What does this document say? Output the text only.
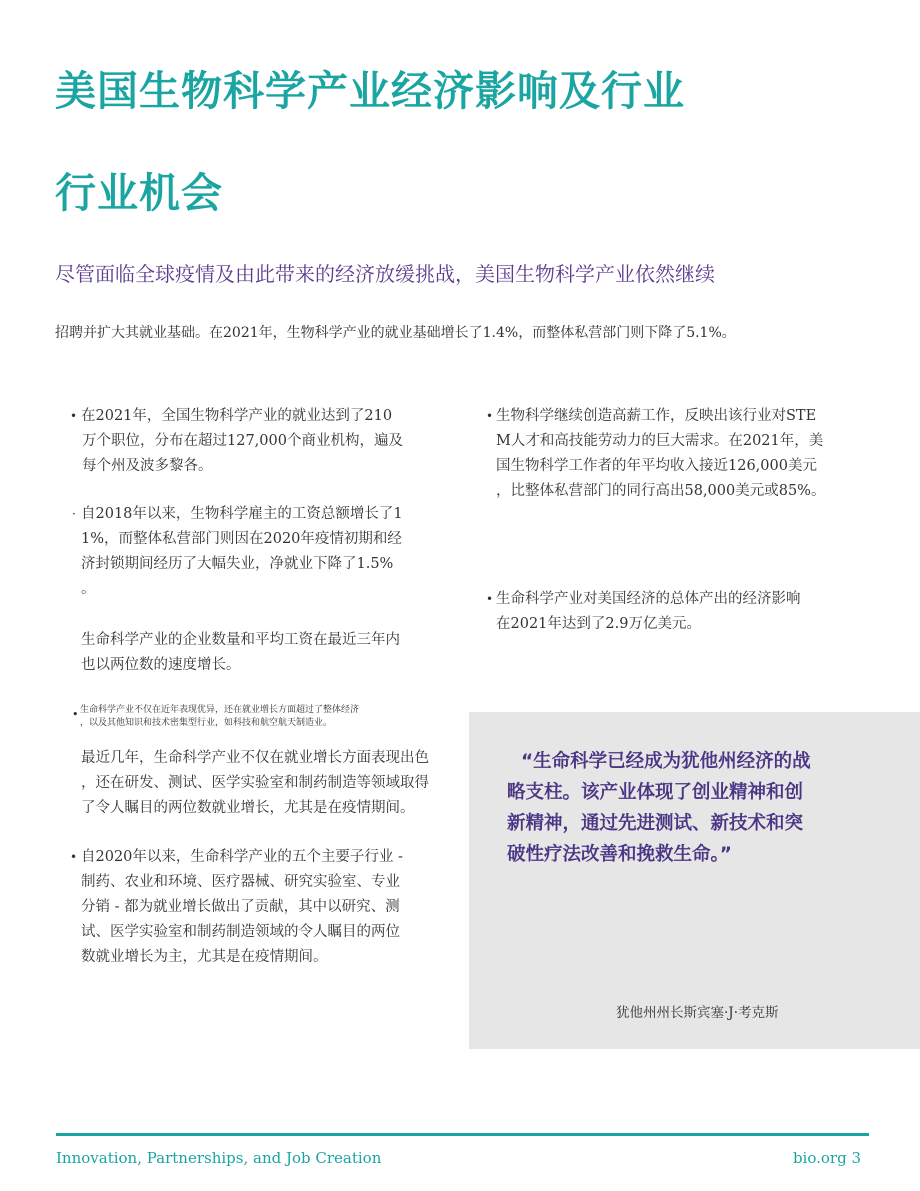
美国生物科学产业经济影响及行业
行业机会
尽管面临全球疫情及由此带来的经济放缓挑战，美国生物科学产业依然继续
招聘并扩大其就业基础。在2021年，生物科学产业的就业基础增长了1.4%，而整体私营部门则下降了5.1%。
• 在2021年，全国生物科学产业的就业达到了210
万个职位，分布在超过127,000个商业机构，遍及
每个州及波多黎各。
· 自2018年以来，生物科学雇主的工资总额增长了1
1%，而整体私营部门则因在2020年疫情初期和经
济封锁期间经历了大幅失业，净就业下降了1.5%
。
生命科学产业的企业数量和平均工资在最近三年内
也以两位数的速度增长。
• 生命科学产业不仅在近年表现优异，还在就业增长方面超过了整体经济
，以及其他知识和技术密集型行业，如科技和航空航天制造业。
最近几年，生命科学产业不仅在就业增长方面表现出色
，还在研发、测试、医学实验室和制药制造等领域取得
了令人瞩目的两位数就业增长，尤其是在疫情期间。
• 自2020年以来，生命科学产业的五个主要子行业 -
制药、农业和环境、医疗器械、研究实验室、专业
分销 - 都为就业增长做出了贡献，其中以研究、测
试、医学实验室和制药制造领域的令人瞩目的两位
数就业增长为主，尤其是在疫情期间。
• 生物科学继续创造高薪工作，反映出该行业对STE
M人才和高技能劳动力的巨大需求。在2021年，美
国生物科学工作者的年平均收入接近126,000美元
，比整体私营部门的同行高出58,000美元或85%。
• 生命科学产业对美国经济的总体产出的经济影响
在2021年达到了2.9万亿美元。
“生命科学已经成为犹他州经济的战
略支柱。该产业体现了创业精神和创
新精神，通过先进测试、新技术和突
破性疗法改善和挽救生命。”
犹他州州长斯宾塞·J·考克斯
Innovation, Partnerships, and Job Creation	bio.org 3
